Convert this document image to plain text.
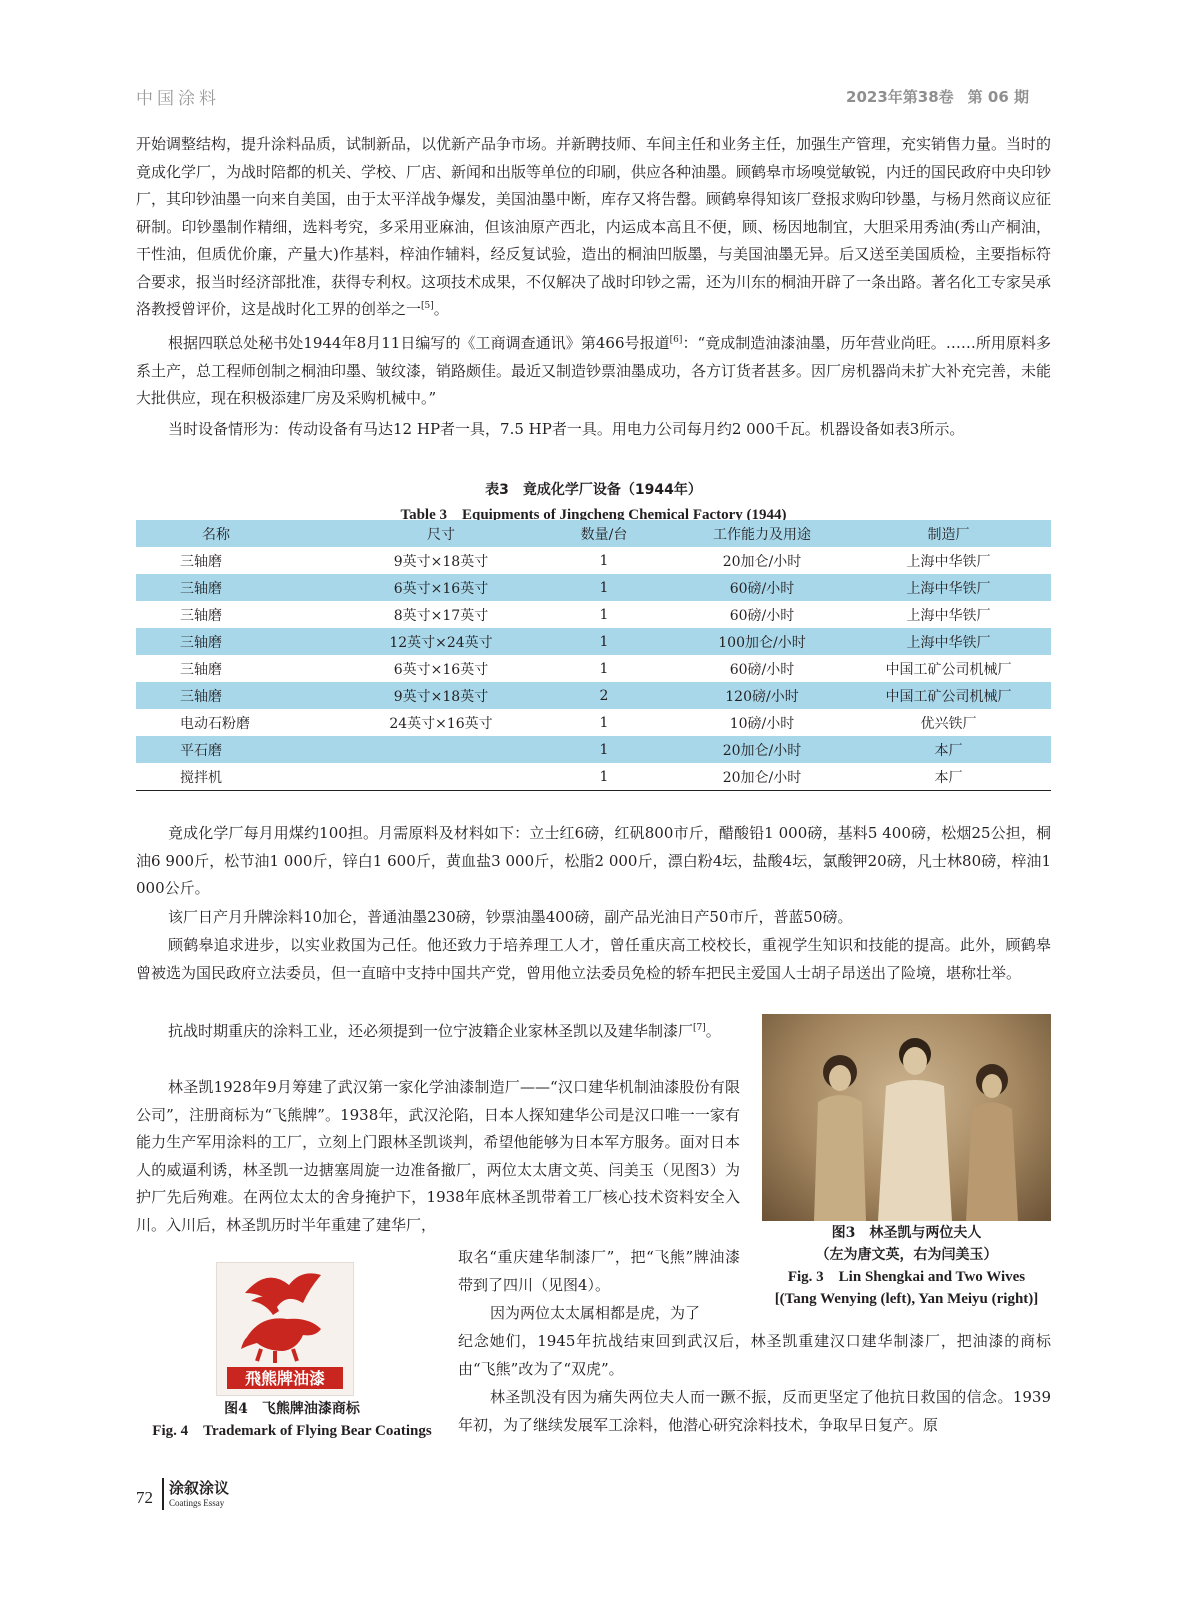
中国涂料	2023年第38卷 第 06 期

开始调整结构，提升涂料品质，试制新品，以优新产品争市场。并新聘技师、车间主任和业务主任，加强生产管理，充实销售力量。当时的竟成化学厂，为战时陪都的机关、学校、厂店、新闻和出版等单位的印刷，供应各种油墨。顾鹤皋市场嗅觉敏锐，内迁的国民政府中央印钞厂，其印钞油墨一向来自美国，由于太平洋战争爆发，美国油墨中断，库存又将告罄。顾鹤皋得知该厂登报求购印钞墨，与杨月然商议应征研制。印钞墨制作精细，选料考究，多采用亚麻油，但该油原产西北，内运成本高且不便，顾、杨因地制宜，大胆采用秀油(秀山产桐油，干性油，但质优价廉，产量大)作基料，梓油作辅料，经反复试验，造出的桐油凹版墨，与美国油墨无异。后又送至美国质检，主要指标符合要求，报当时经济部批准，获得专利权。这项技术成果，不仅解决了战时印钞之需，还为川东的桐油开辟了一条出路。著名化工专家吴承洛教授曾评价，这是战时化工界的创举之一[5]。

根据四联总处秘书处1944年8月11日编写的《工商调查通讯》第466号报道[6]：“竟成制造油漆油墨，历年营业尚旺。……所用原料多系土产，总工程师创制之桐油印墨、皱纹漆，销路颇佳。最近又制造钞票油墨成功，各方订货者甚多。因厂房机器尚未扩大补充完善，未能大批供应，现在积极添建厂房及采购机械中。”

当时设备情形为：传动设备有马达12 HP者一具，7.5 HP者一具。用电力公司每月约2 000千瓦。机器设备如表3所示。

表3　竟成化学厂设备（1944年）
Table 3　Equipments of Jingcheng Chemical Factory (1944)
名称	尺寸	数量/台	工作能力及用途	制造厂
三轴磨	9英寸×18英寸	1	20加仑/小时	上海中华铁厂
三轴磨	6英寸×16英寸	1	60磅/小时	上海中华铁厂
三轴磨	8英寸×17英寸	1	60磅/小时	上海中华铁厂
三轴磨	12英寸×24英寸	1	100加仑/小时	上海中华铁厂
三轴磨	6英寸×16英寸	1	60磅/小时	中国工矿公司机械厂
三轴磨	9英寸×18英寸	2	120磅/小时	中国工矿公司机械厂
电动石粉磨	24英寸×16英寸	1	10磅/小时	优兴铁厂
平石磨		1	20加仑/小时	本厂
搅拌机		1	20加仑/小时	本厂

竟成化学厂每月用煤约100担。月需原料及材料如下：立士红6磅，红矾800市斤，醋酸铅1 000磅，基料5 400磅，松烟25公担，桐油6 900斤，松节油1 000斤，锌白1 600斤，黄血盐3 000斤，松脂2 000斤，漂白粉4坛，盐酸4坛，氯酸钾20磅，凡士林80磅，梓油1 000公斤。

该厂日产月升牌涂料10加仑，普通油墨230磅，钞票油墨400磅，副产品光油日产50市斤，普蓝50磅。

顾鹤皋追求进步，以实业救国为己任。他还致力于培养理工人才，曾任重庆高工校校长，重视学生知识和技能的提高。此外，顾鹤皋曾被选为国民政府立法委员，但一直暗中支持中国共产党，曾用他立法委员免检的轿车把民主爱国人士胡子昂送出了险境，堪称壮举。

抗战时期重庆的涂料工业，还必须提到一位宁波籍企业家林圣凯以及建华制漆厂[7]。

林圣凯1928年9月筹建了武汉第一家化学油漆制造厂——“汉口建华机制油漆股份有限公司”，注册商标为“飞熊牌”。1938年，武汉沦陷，日本人探知建华公司是汉口唯一一家有能力生产军用涂料的工厂，立刻上门跟林圣凯谈判，希望他能够为日本军方服务。面对日本人的威逼利诱，林圣凯一边搪塞周旋一边准备撤厂，两位太太唐文英、闫美玉（见图3）为护厂先后殉难。在两位太太的舍身掩护下，1938年底林圣凯带着工厂核心技术资料安全入川。入川后，林圣凯历时半年重建了建华厂，

取名“重庆建华制漆厂”，把“飞熊”牌油漆带到了四川（见图4）。

因为两位太太属相都是虎，为了

纪念她们，1945年抗战结束回到武汉后，林圣凯重建汉口建华制漆厂，把油漆的商标由“飞熊”改为了“双虎”。

林圣凯没有因为痛失两位夫人而一蹶不振，反而更坚定了他抗日救国的信念。1939年初，为了继续发展军工涂料，他潜心研究涂料技术，争取早日复产。原

图3　林圣凯与两位夫人
（左为唐文英，右为闫美玉）
Fig. 3　Lin Shengkai and Two Wives
[(Tang Wenying (left), Yan Meiyu (right)]
飛熊牌油漆
图4　飞熊牌油漆商标
Fig. 4　Trademark of Flying Bear Coatings
72 涂叙涂议
Coatings Essay
